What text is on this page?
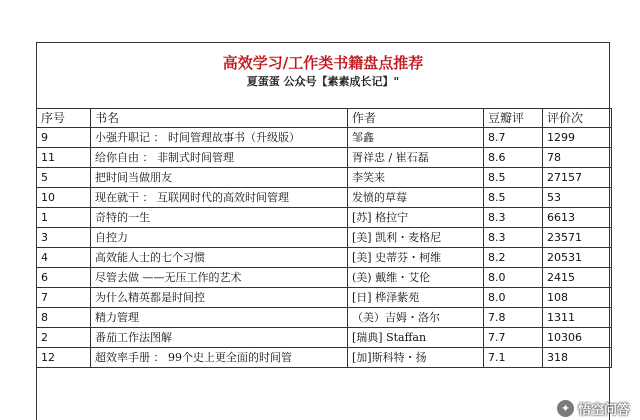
高效学习/工作类书籍盘点推荐
夏蛋蛋 公众号【素素成长记】"
序号	书名	作者	豆瓣评	评价次
9	小强升职记 ： 时间管理故事书（升级版）	邹鑫	8.7	1299
11	给你自由 ： 非制式时间管理	胥祥忠 / 崔石磊	8.6	78
5	把时间当做朋友	李笑来	8.5	27157
10	现在就干 ： 互联网时代的高效时间管理	发愤的草莓	8.5	53
1	奇特的一生	[苏] 格拉宁	8.3	6613
3	自控力	[美] 凯利・麦格尼	8.3	23571
4	高效能人士的七个习惯	[美] 史蒂芬・柯维	8.2	20531
6	尽管去做 ——无压工作的艺术	(美) 戴维・艾伦	8.0	2415
7	为什么精英都是时间控	[日] 桦泽紫苑	8.0	108
8	精力管理	（美）吉姆・洛尔	7.8	1311
2	番茄工作法图解	[瑞典] Staffan	7.7	10306
12	超效率手册 ： 99个史上更全面的时间管	[加]斯科特・扬	7.1	318
✦ 悟空问答
